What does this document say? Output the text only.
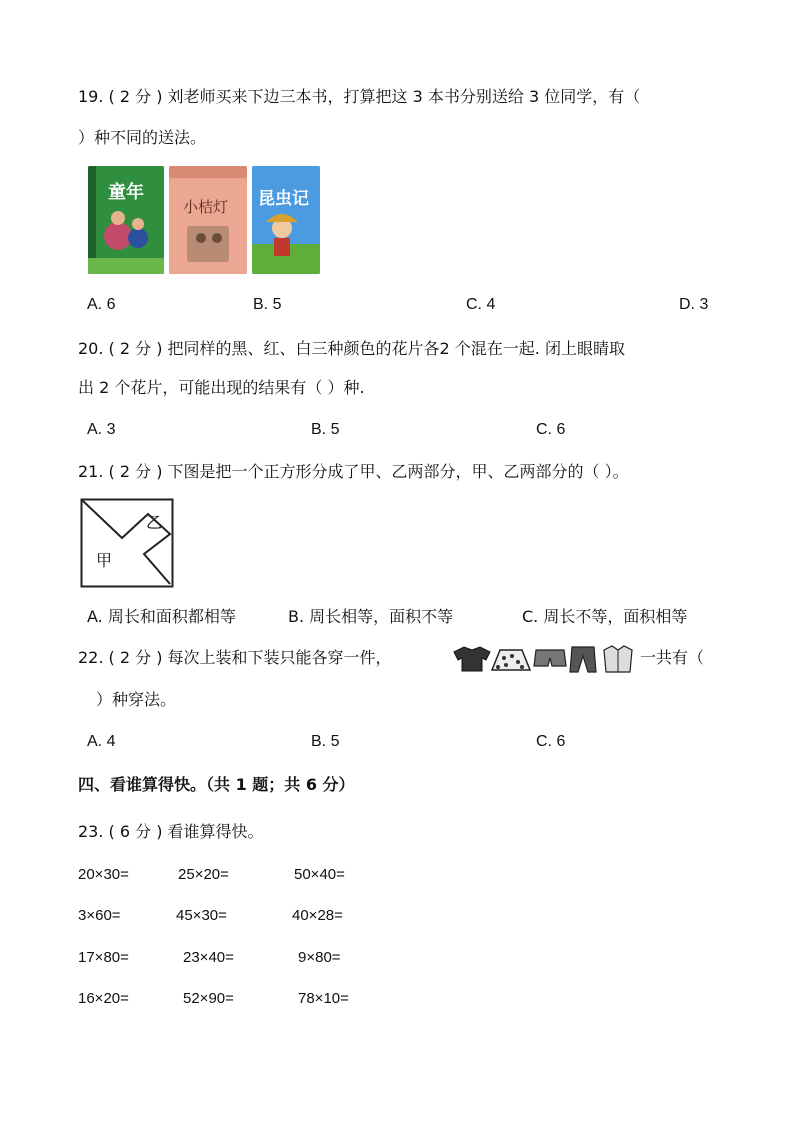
19. ( 2 分 ) 刘老师买来下边三本书，打算把这 3 本书分别送给 3 位同学，有（
）种不同的送法。
童年
小桔灯 昆虫记
A. 6	B. 5	C. 4	D. 3
20. ( 2 分 ) 把同样的黑、红、白三种颜色的花片各2 个混在一起. 闭上眼睛取
出 2 个花片，可能出现的结果有（ ）种.
A. 3	B. 5	C. 6
21. ( 2 分 ) 下图是把一个正方形分成了甲、乙两部分，甲、乙两部分的（ ）。
甲
乙
A. 周长和面积都相等	B. 周长相等，面积不等	C. 周长不等，面积相等
22. ( 2 分 ) 每次上装和下装只能各穿一件，	一共有（
）种穿法。
A. 4	B. 5	C. 6
四、看谁算得快。（共 1 题；共 6 分）
23. ( 6 分 ) 看谁算得快。
20×30=	25×20=	50×40=
3×60=	45×30=	40×28=
17×80=	23×40=	9×80=
16×20=	52×90=	78×10=
